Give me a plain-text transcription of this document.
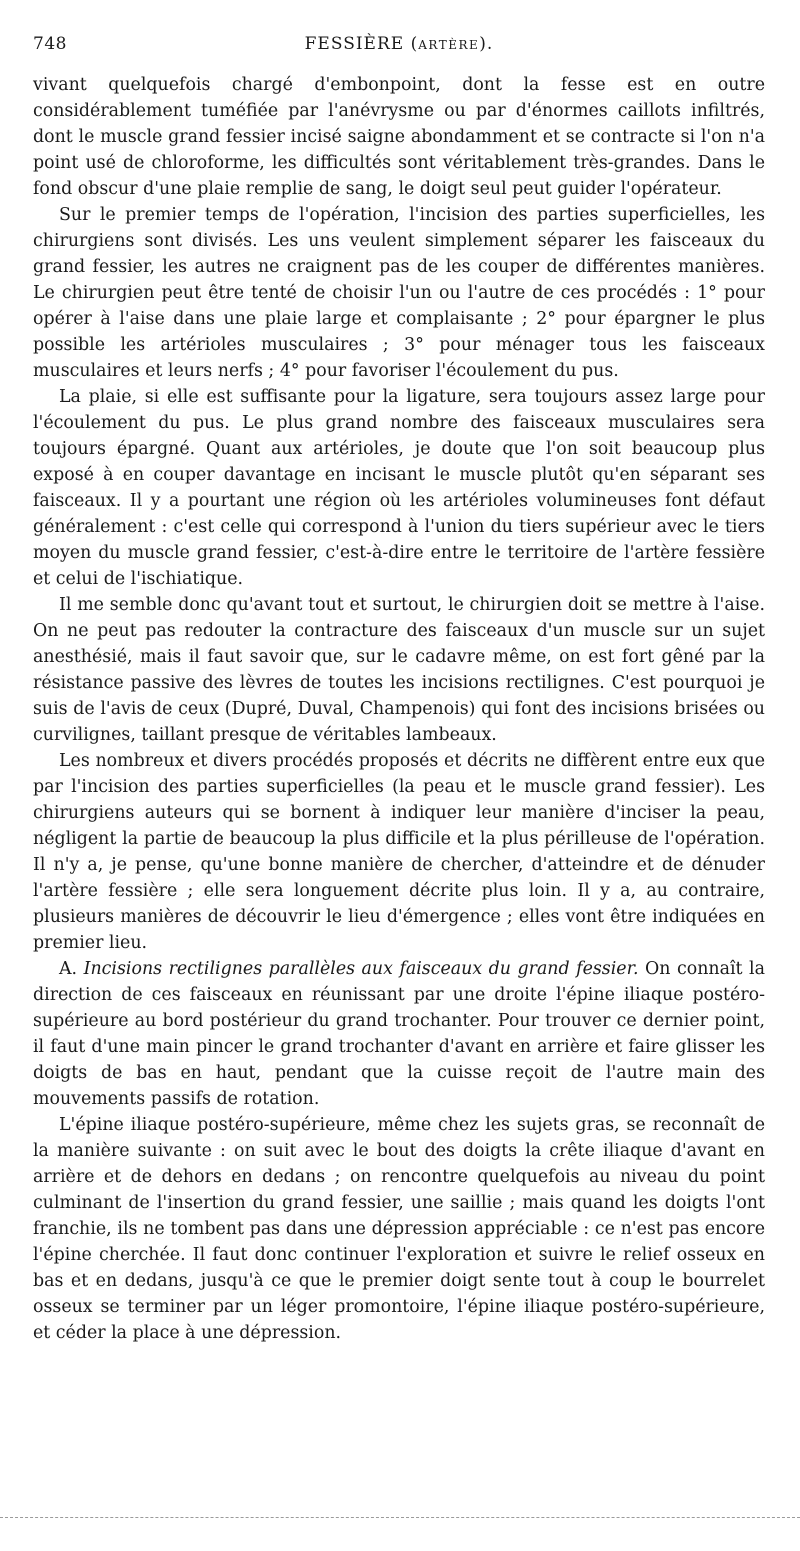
748	FESSIÈRE (ARTÈRE).

vivant quelquefois chargé d'embonpoint, dont la fesse est en outre considérablement tuméfiée par l'anévrysme ou par d'énormes caillots infiltrés, dont le muscle grand fessier incisé saigne abondamment et se contracte si l'on n'a point usé de chloroforme, les difficultés sont véritablement très-grandes. Dans le fond obscur d'une plaie remplie de sang, le doigt seul peut guider l'opérateur.

Sur le premier temps de l'opération, l'incision des parties superficielles, les chirurgiens sont divisés. Les uns veulent simplement séparer les faisceaux du grand fessier, les autres ne craignent pas de les couper de différentes manières. Le chirurgien peut être tenté de choisir l'un ou l'autre de ces procédés : 1° pour opérer à l'aise dans une plaie large et complaisante ; 2° pour épargner le plus possible les artérioles musculaires ; 3° pour ménager tous les faisceaux musculaires et leurs nerfs ; 4° pour favoriser l'écoulement du pus.

La plaie, si elle est suffisante pour la ligature, sera toujours assez large pour l'écoulement du pus. Le plus grand nombre des faisceaux musculaires sera toujours épargné. Quant aux artérioles, je doute que l'on soit beaucoup plus exposé à en couper davantage en incisant le muscle plutôt qu'en séparant ses faisceaux. Il y a pourtant une région où les artérioles volumineuses font défaut généralement : c'est celle qui correspond à l'union du tiers supérieur avec le tiers moyen du muscle grand fessier, c'est-à-dire entre le territoire de l'artère fessière et celui de l'ischiatique.

Il me semble donc qu'avant tout et surtout, le chirurgien doit se mettre à l'aise. On ne peut pas redouter la contracture des faisceaux d'un muscle sur un sujet anesthésié, mais il faut savoir que, sur le cadavre même, on est fort gêné par la résistance passive des lèvres de toutes les incisions rectilignes. C'est pourquoi je suis de l'avis de ceux (Dupré, Duval, Champenois) qui font des incisions brisées ou curvilignes, taillant presque de véritables lambeaux.

Les nombreux et divers procédés proposés et décrits ne diffèrent entre eux que par l'incision des parties superficielles (la peau et le muscle grand fessier). Les chirurgiens auteurs qui se bornent à indiquer leur manière d'inciser la peau, négligent la partie de beaucoup la plus difficile et la plus périlleuse de l'opération. Il n'y a, je pense, qu'une bonne manière de chercher, d'atteindre et de dénuder l'artère fessière ; elle sera longuement décrite plus loin. Il y a, au contraire, plusieurs manières de découvrir le lieu d'émergence ; elles vont être indiquées en premier lieu.

A. Incisions rectilignes parallèles aux faisceaux du grand fessier. On connaît la direction de ces faisceaux en réunissant par une droite l'épine iliaque postéro-supérieure au bord postérieur du grand trochanter. Pour trouver ce dernier point, il faut d'une main pincer le grand trochanter d'avant en arrière et faire glisser les doigts de bas en haut, pendant que la cuisse reçoit de l'autre main des mouvements passifs de rotation.

L'épine iliaque postéro-supérieure, même chez les sujets gras, se reconnaît de la manière suivante : on suit avec le bout des doigts la crête iliaque d'avant en arrière et de dehors en dedans ; on rencontre quelquefois au niveau du point culminant de l'insertion du grand fessier, une saillie ; mais quand les doigts l'ont franchie, ils ne tombent pas dans une dépression appréciable : ce n'est pas encore l'épine cherchée. Il faut donc continuer l'exploration et suivre le relief osseux en bas et en dedans, jusqu'à ce que le premier doigt sente tout à coup le bourrelet osseux se terminer par un léger promontoire, l'épine iliaque postéro-supérieure, et céder la place à une dépression.
